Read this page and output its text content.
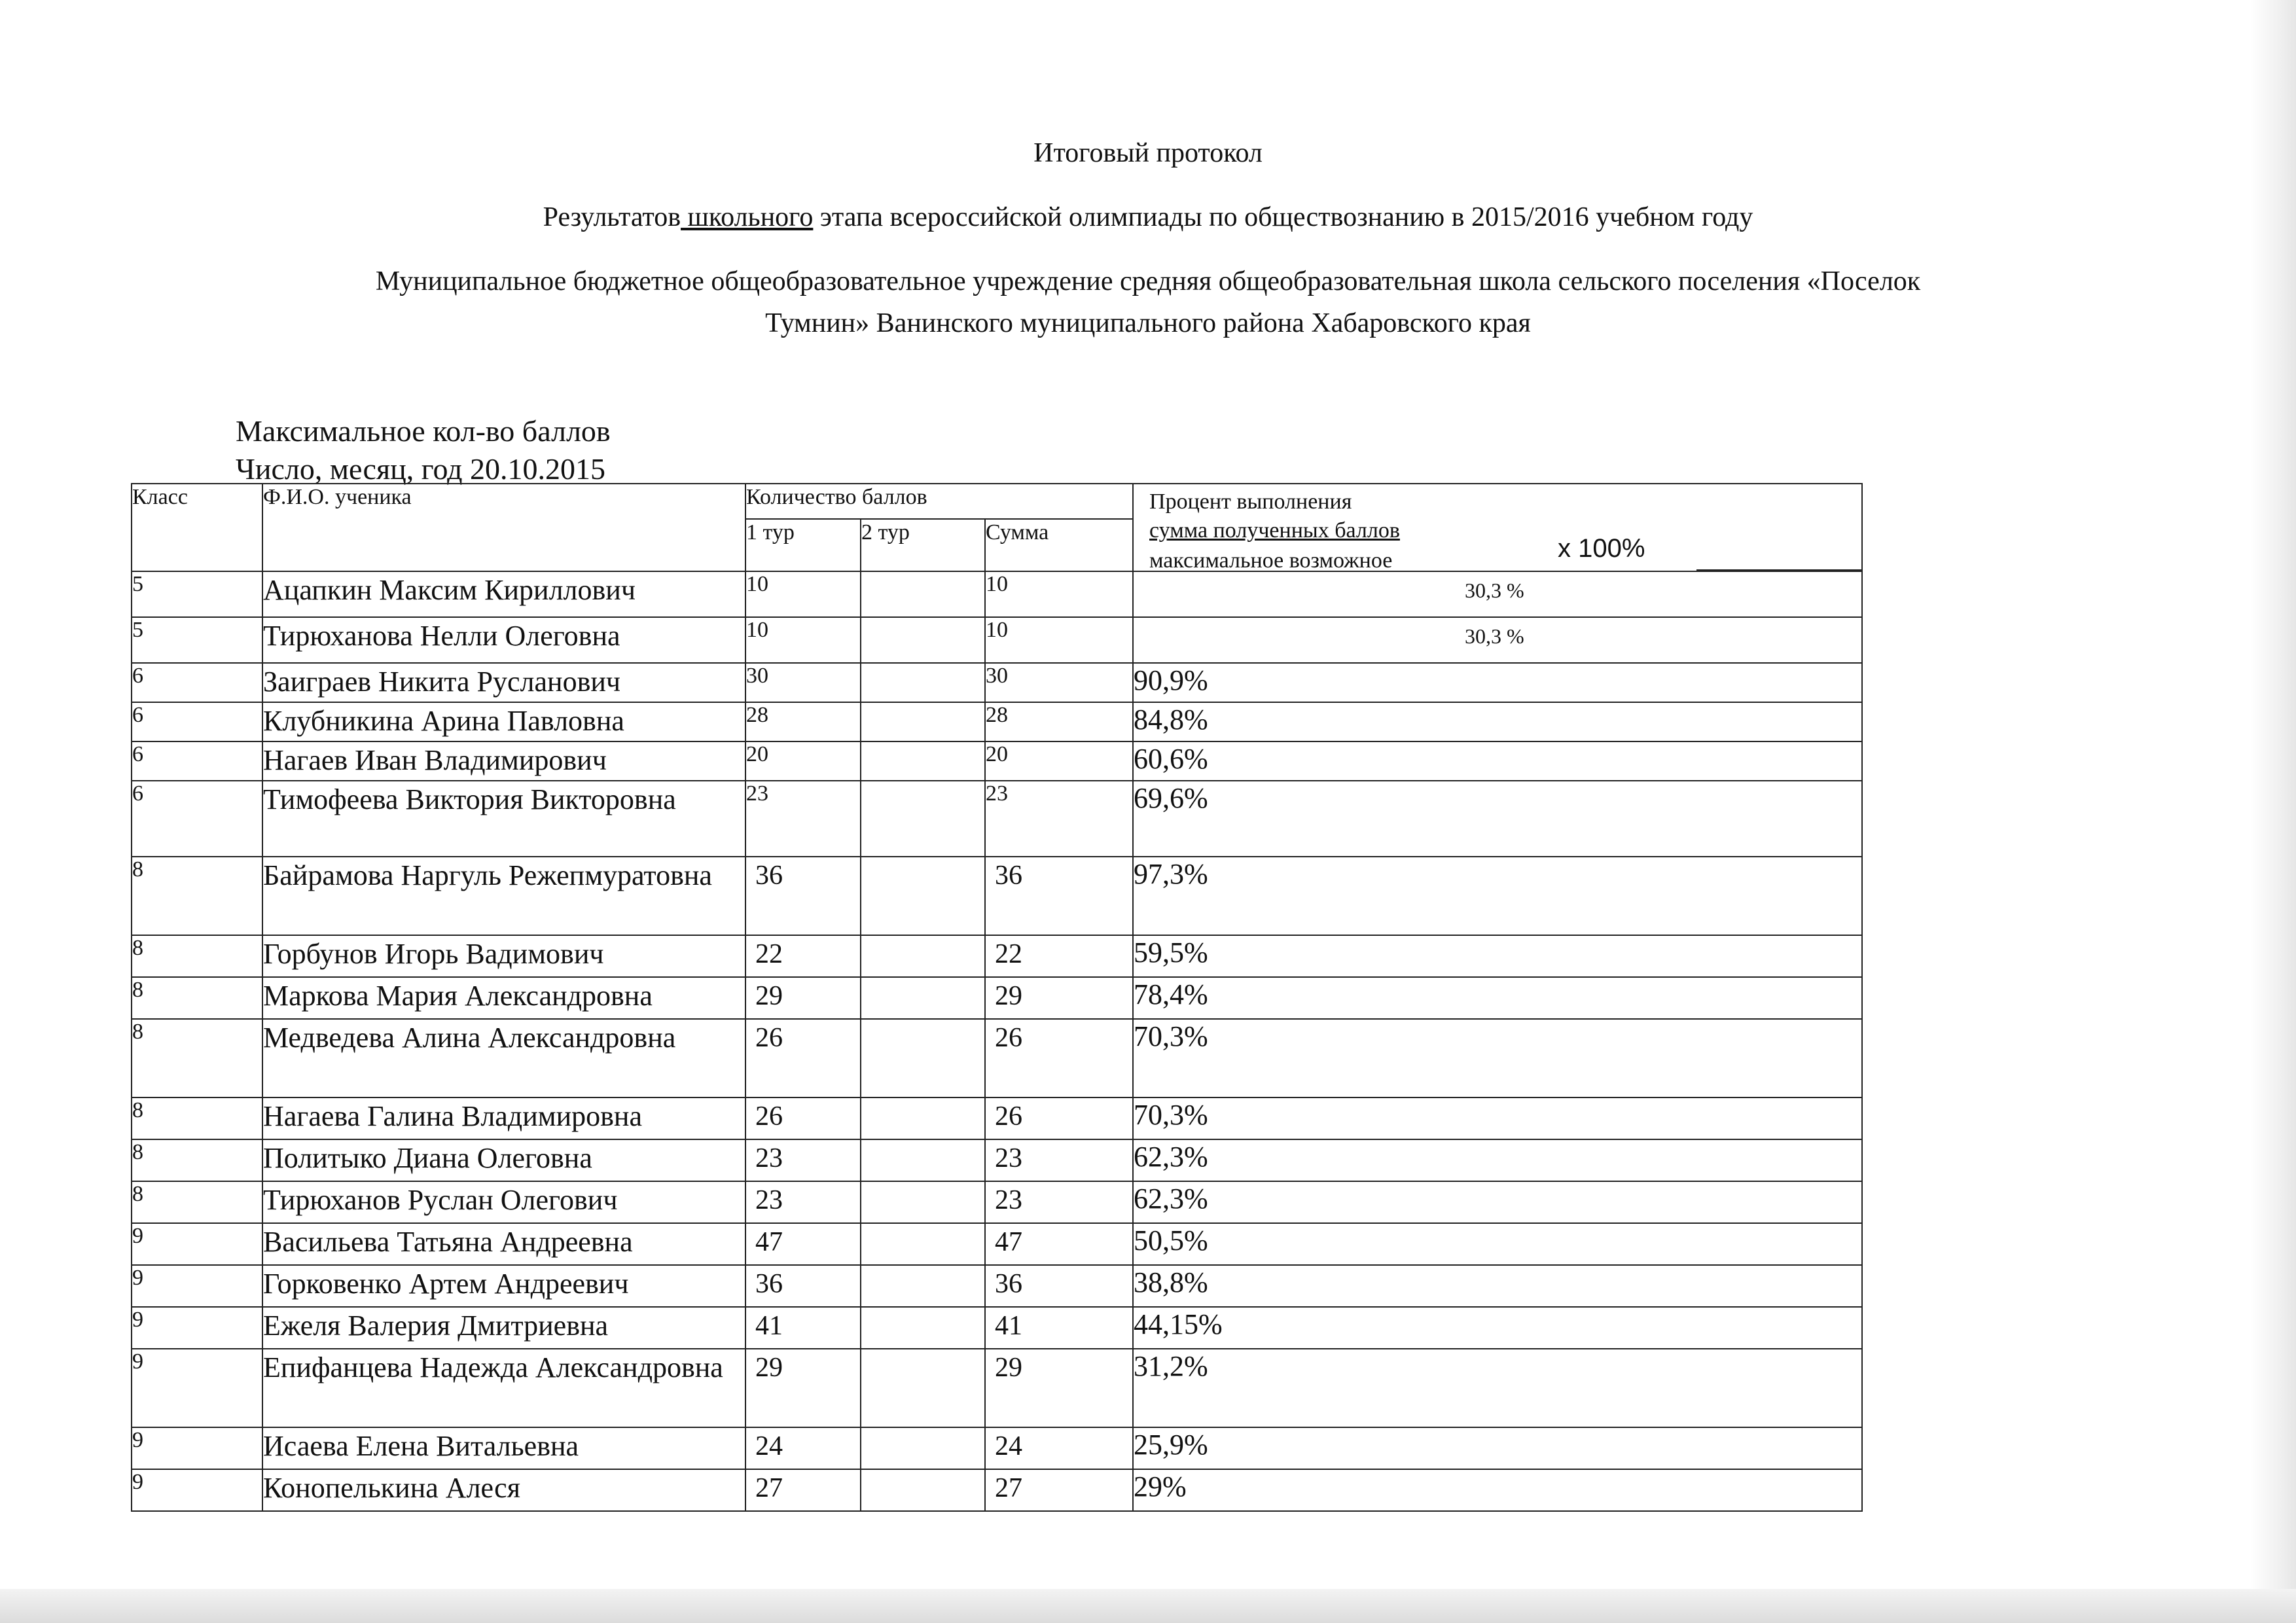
Итоговый протокол
Результатов школьного этапа всероссийской олимпиады по обществознанию в 2015/2016 учебном году
Муниципальное бюджетное общеобразовательное учреждение средняя общеобразовательная школа сельского поселения «Поселок
Тумнин» Ванинского муниципального района Хабаровского края
Максимальное кол-во баллов
Число, месяц, год 20.10.2015
Класс	Ф.И.О. ученика	Количество баллов			Процент выполнения
сумма полученных баллов
максимальное возможное x 100%

		1 тур	2 тур	Сумма	
5	Ацапкин Максим Кириллович	10		10	30,3 %
5	Тирюханова Нелли Олеговна	10		10	30,3 %
6	Заиграев Никита Русланович	30		30	90,9%
6	Клубникина Арина Павловна	28		28	84,8%
6	Нагаев Иван Владимирович	20		20	60,6%
6	Тимофеева Виктория Викторовна	23		23	69,6%
8	Байрамова Наргуль Режепмуратовна	36		36	97,3%
8	Горбунов Игорь Вадимович	22		22	59,5%
8	Маркова Мария Александровна	29		29	78,4%
8	Медведева Алина Александровна	26		26	70,3%
8	Нагаева Галина Владимировна	26		26	70,3%
8	Политыко Диана Олеговна	23		23	62,3%
8	Тирюханов Руслан Олегович	23		23	62,3%
9	Васильева Татьяна Андреевна	47		47	50,5%
9	Горковенко Артем Андреевич	36		36	38,8%
9	Ежеля Валерия Дмитриевна	41		41	44,15%
9	Епифанцева Надежда Александровна	29		29	31,2%
9	Исаева Елена Витальевна	24		24	25,9%
9	Конопелькина Алеся	27		27	29%
